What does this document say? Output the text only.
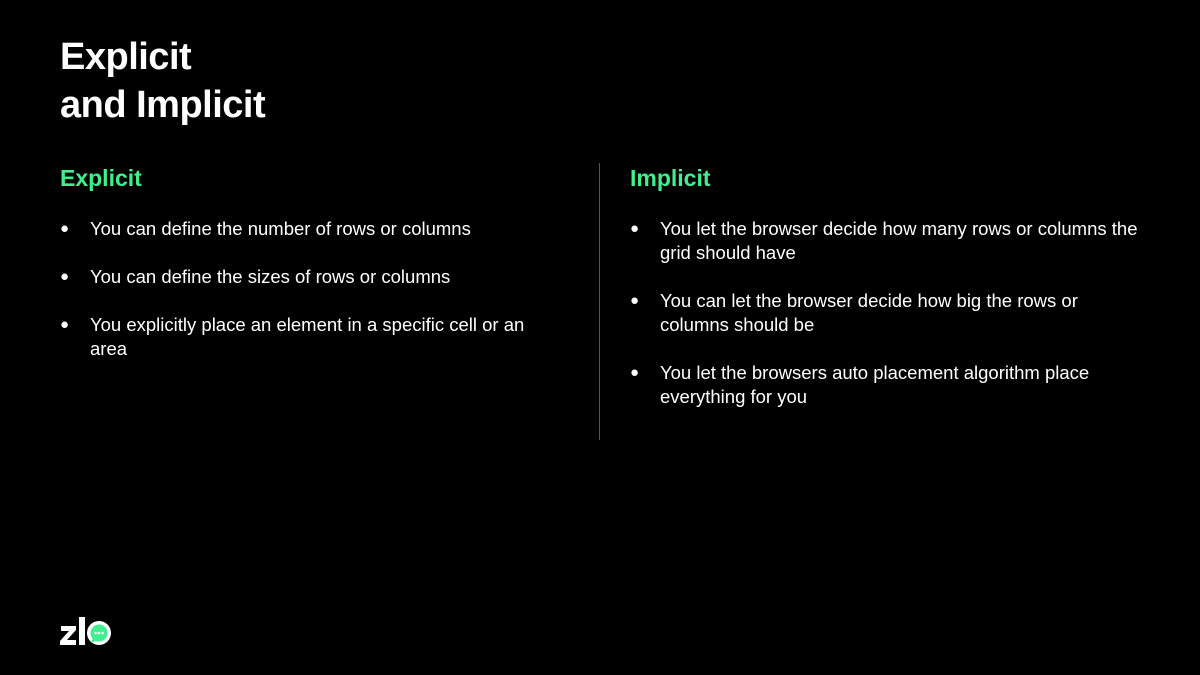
Explicit
and Implicit
Explicit
● You can define the number of rows or columns
● You can define the sizes of rows or columns
● You explicitly place an element in a specific cell or an area
Implicit
● You let the browser decide how many rows or columns the grid should have
● You can let the browser decide how big the rows or columns should be
● You let the browsers auto placement algorithm place everything for you
